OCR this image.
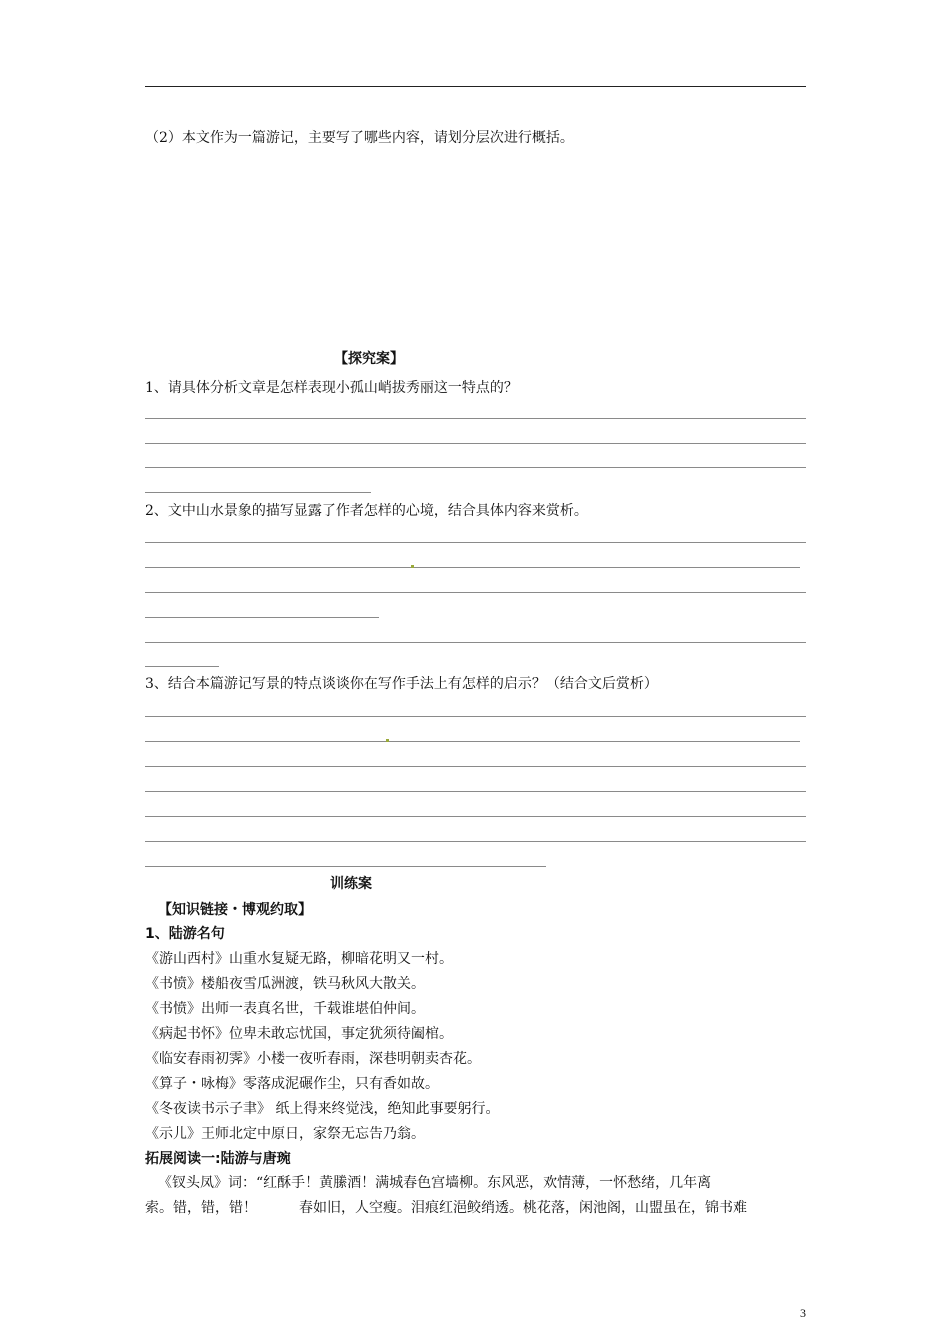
（2）本文作为一篇游记，主要写了哪些内容，请划分层次进行概括。
【探究案】
1、请具体分析文章是怎样表现小孤山峭拔秀丽这一特点的？
2、文中山水景象的描写显露了作者怎样的心境，结合具体内容来赏析。
3、结合本篇游记写景的特点谈谈你在写作手法上有怎样的启示？（结合文后赏析）
训练案
【知识链接・博观约取】
1、陆游名句
《游山西村》山重水复疑无路，柳暗花明又一村。
《书愤》楼船夜雪瓜洲渡，铁马秋风大散关。
《书愤》出师一表真名世，千载谁堪伯仲间。
《病起书怀》位卑未敢忘忧国，事定犹须待阖棺。
《临安春雨初霁》小楼一夜听春雨，深巷明朝卖杏花。
《算子・咏梅》零落成泥碾作尘，只有香如故。
《冬夜读书示子聿》 纸上得来终觉浅，绝知此事要躬行。
《示儿》王师北定中原日，家祭无忘告乃翁。
拓展阅读一:陆游与唐琬
《钗头凤》词：“红酥手！黄縢酒！满城春色宫墙柳。东风恶，欢情薄，一怀愁绪，几年离
索。错，错，错！　　　春如旧，人空瘦。泪痕红浥鲛绡透。桃花落，闲池阁，山盟虽在，锦书难
3
